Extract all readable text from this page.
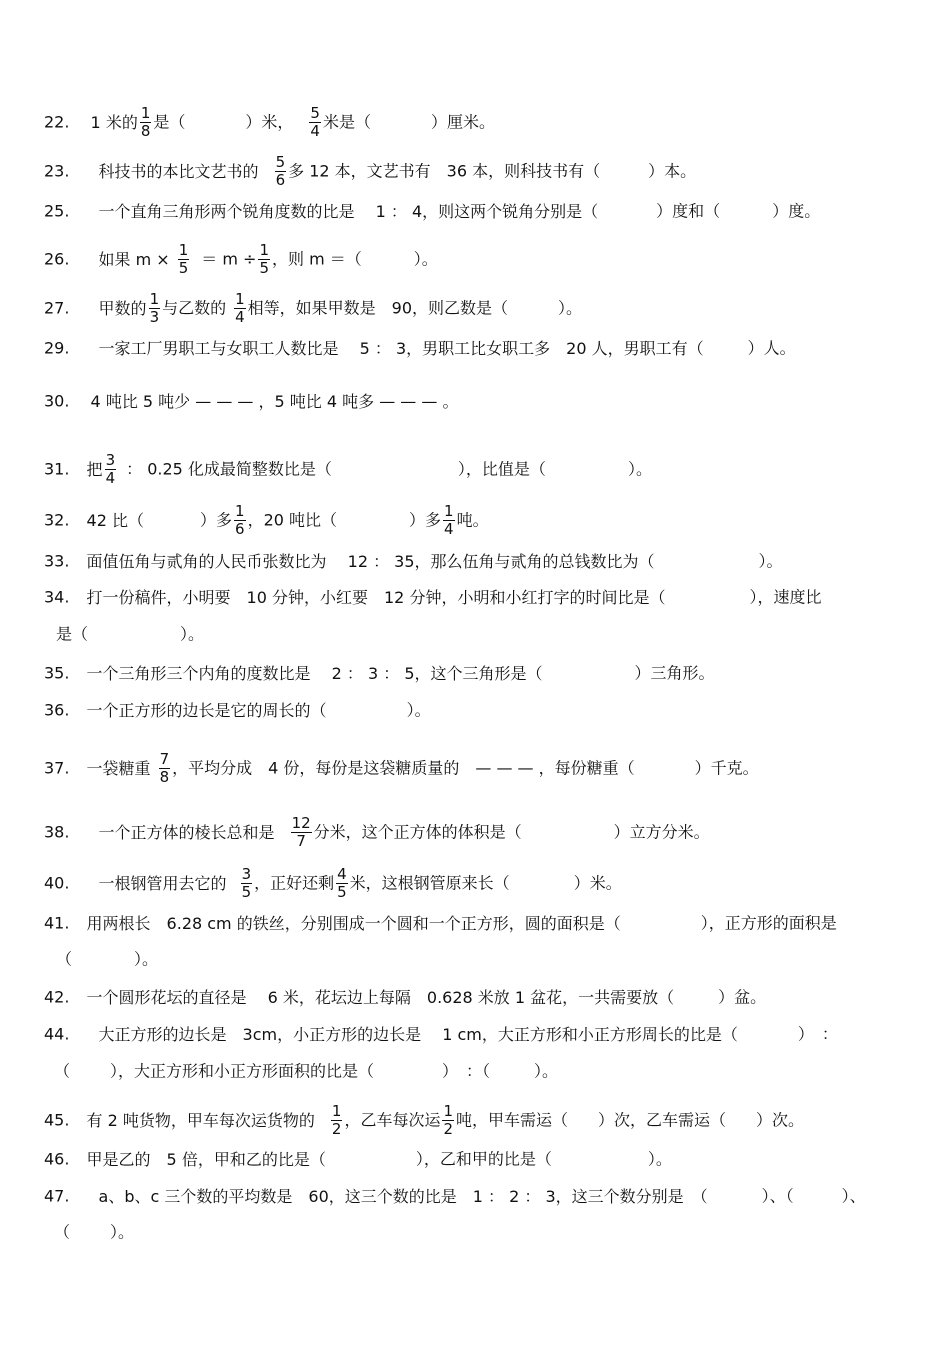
22. 1 米的 $\frac{1}{8}$ 是（	）米， $\frac{5}{4}$ 米是（	）厘米。
23. 科技书的本比文艺书的 $\frac{5}{6}$ 多 12 本，文艺书有　36 本，则科技书有（	）本。
25. 一个直角三角形两个锐角度数的比是　 1 ： 4，则这两个锐角分别是（	）度和（	）度。
26. 如果 $m \times \frac{1}{5} = m \div \frac{1}{5}$ ，则 m ＝（	）。
27. 甲数的 $\frac{1}{3}$ 与乙数的 $\frac{1}{4}$ 相等，如果甲数是　90，则乙数是（	）。
29. 一家工厂男职工与女职工人数比是　 5 ： 3，男职工比女职工多　20 人，男职工有（	）人。
30. 4 吨比 5 吨少 — — — ，5 吨比 4 吨多 — — — 。
31. 把 $\frac{3}{4}$ ： 0.25 化成最简整数比是（	），比值是（	）。
32. 42 比（	）多 $\frac{1}{6}$ ，20 吨比（	）多 $\frac{1}{4}$ 吨。
33. 面值伍角与贰角的人民币张数比为　 12 ： 35，那么伍角与贰角的总钱数比为（	）。
34. 打一份稿件，小明要　10 分钟，小红要　12 分钟，小明和小红打字的时间比是（	），速度比
是（	）。
35. 一个三角形三个内角的度数比是　 2 ： 3 ： 5，这个三角形是（	）三角形。
36. 一个正方形的边长是它的周长的（	）。
37. 一袋糖重 $\frac{7}{8}$ ，平均分成　4 份，每份是这袋糖质量的　— — — ，每份糖重（	）千克。
38. 一个正方体的棱长总和是 $\frac{12}{7}$ 分米，这个正方体的体积是（	）立方分米。
40. 一根钢管用去它的 $\frac{3}{5}$ ，正好还剩 $\frac{4}{5}$ 米，这根钢管原来长（	）米。
41. 用两根长　6.28 cm 的铁丝，分别围成一个圆和一个正方形，圆的面积是（	），正方形的面积是
（	）。
42. 一个圆形花坛的直径是　 6 米，花坛边上每隔　0.628 米放 1 盆花，一共需要放（	）盆。
44. 大正方形的边长是　3cm，小正方形的边长是　 1 cm，大正方形和小正方形周长的比是（	）　：
（	），大正方形和小正方形面积的比是（	）　：（	）。
45. 有 2 吨货物，甲车每次运货物的 $\frac{1}{2}$ ，乙车每次运 $\frac{1}{2}$ 吨，甲车需运（ ）次，乙车需运（ ）次。
46. 甲是乙的　5 倍，甲和乙的比是（	），乙和甲的比是（	）。
47. a、b、c 三个数的平均数是　60，这三个数的比是　1 ： 2 ： 3，这三个数分别是　（	）、（	）、
（	）。
